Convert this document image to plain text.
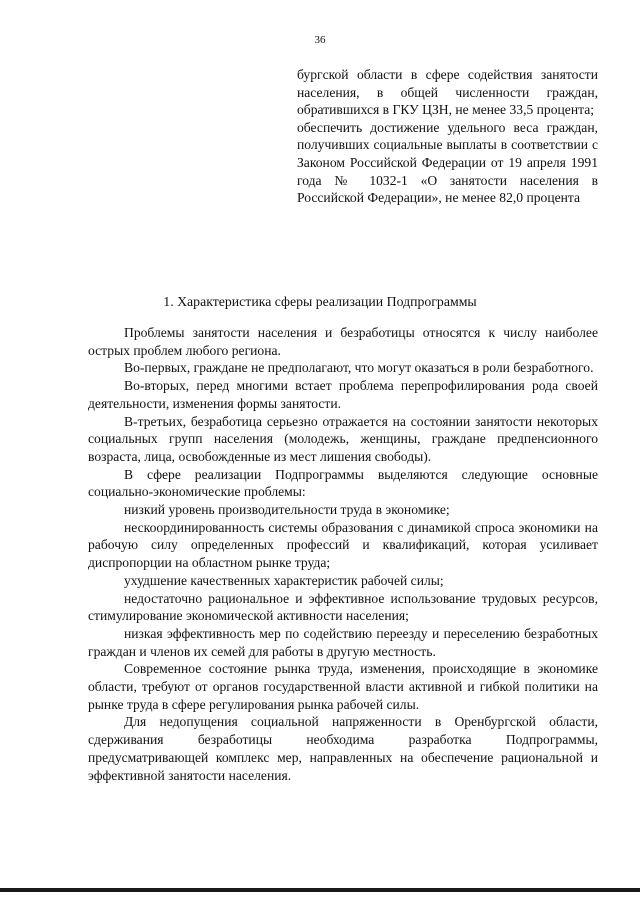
36

бургской области в сфере содействия занятости населения, в общей численности граждан, обратившихся в ГКУ ЦЗН, не менее 33,5 процента;

обеспечить достижение удельного веса граждан, получивших социальные выплаты в соответствии с Законом Российской Федерации от 19 апреля 1991 года № 1032-1 «О занятости населения в Российской Федерации», не менее 82,0 процента

1. Характеристика сферы реализации Подпрограммы

Проблемы занятости населения и безработицы относятся к числу наиболее острых проблем любого региона.

Во-первых, граждане не предполагают, что могут оказаться в роли безработного.

Во-вторых, перед многими встает проблема перепрофилирования рода своей деятельности, изменения формы занятости.

В-третьих, безработица серьезно отражается на состоянии занятости некоторых социальных групп населения (молодежь, женщины, граждане предпенсионного возраста, лица, освобожденные из мест лишения свободы).

В сфере реализации Подпрограммы выделяются следующие основные социально-экономические проблемы:

низкий уровень производительности труда в экономике;

нескоординированность системы образования с динамикой спроса экономики на рабочую силу определенных профессий и квалификаций, которая усиливает диспропорции на областном рынке труда;

ухудшение качественных характеристик рабочей силы;

недостаточно рациональное и эффективное использование трудовых ресурсов, стимулирование экономической активности населения;

низкая эффективность мер по содействию переезду и переселению безработных граждан и членов их семей для работы в другую местность.

Современное состояние рынка труда, изменения, происходящие в экономике области, требуют от органов государственной власти активной и гибкой политики на рынке труда в сфере регулирования рынка рабочей силы.

Для недопущения социальной напряженности в Оренбургской области, сдерживания безработицы необходима разработка Подпрограммы, предусматривающей комплекс мер, направленных на обеспечение рациональной и эффективной занятости населения.
